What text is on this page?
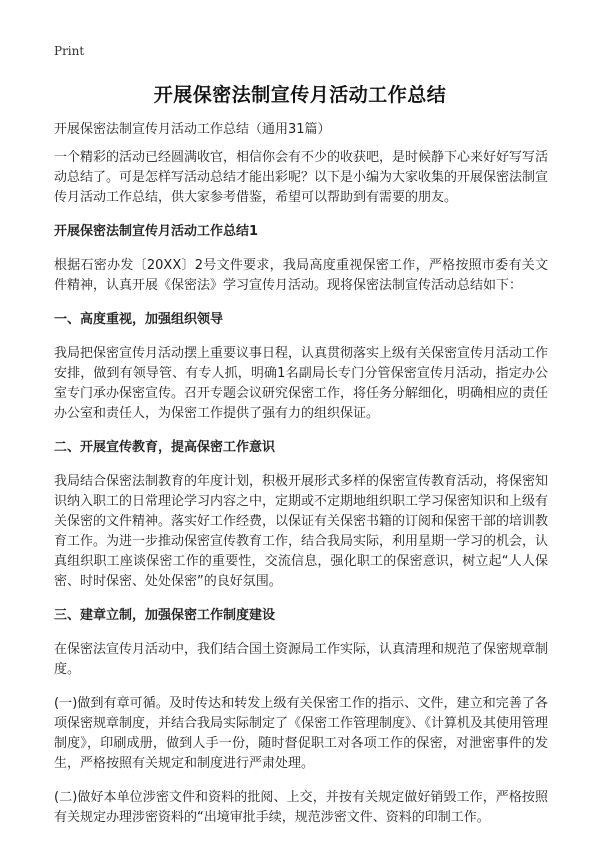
Print
开展保密法制宣传月活动工作总结

开展保密法制宣传月活动工作总结（通用31篇）

一个精彩的活动已经圆满收官，相信你会有不少的收获吧，是时候静下心来好好写写活动总结了。可是怎样写活动总结才能出彩呢？以下是小编为大家收集的开展保密法制宣传月活动工作总结，供大家参考借鉴，希望可以帮助到有需要的朋友。

开展保密法制宣传月活动工作总结1

根据石密办发〔20XX〕2号文件要求，我局高度重视保密工作，严格按照市委有关文件精神，认真开展《保密法》学习宣传月活动。现将保密法制宣传活动总结如下：

一、高度重视，加强组织领导

我局把保密宣传月活动摆上重要议事日程，认真贯彻落实上级有关保密宣传月活动工作安排，做到有领导管、有专人抓，明确1名副局长专门分管保密宣传月活动，指定办公室专门承办保密宣传。召开专题会议研究保密工作，将任务分解细化，明确相应的责任办公室和责任人，为保密工作提供了强有力的组织保证。

二、开展宣传教育，提高保密工作意识

我局结合保密法制教育的年度计划，积极开展形式多样的保密宣传教育活动，将保密知识纳入职工的日常理论学习内容之中，定期或不定期地组织职工学习保密知识和上级有关保密的文件精神。落实好工作经费，以保证有关保密书籍的订阅和保密干部的培训教育工作。为进一步推动保密宣传教育工作，结合我局实际，利用星期一学习的机会，认真组织职工座谈保密工作的重要性，交流信息，强化职工的保密意识，树立起“人人保密、时时保密、处处保密”的良好氛围。

三、建章立制，加强保密工作制度建设

在保密法宣传月活动中，我们结合国土资源局工作实际，认真清理和规范了保密规章制度。

(一)做到有章可循。及时传达和转发上级有关保密工作的指示、文件，建立和完善了各项保密规章制度，并结合我局实际制定了《保密工作管理制度》、《计算机及其使用管理制度》，印刷成册，做到人手一份，随时督促职工对各项工作的保密，对泄密事件的发生，严格按照有关规定和制度进行严肃处理。

(二)做好本单位涉密文件和资料的批阅、上交，并按有关规定做好销毁工作，严格按照有关规定办理涉密资料的“出境审批手续，规范涉密文件、资料的印制工作。
